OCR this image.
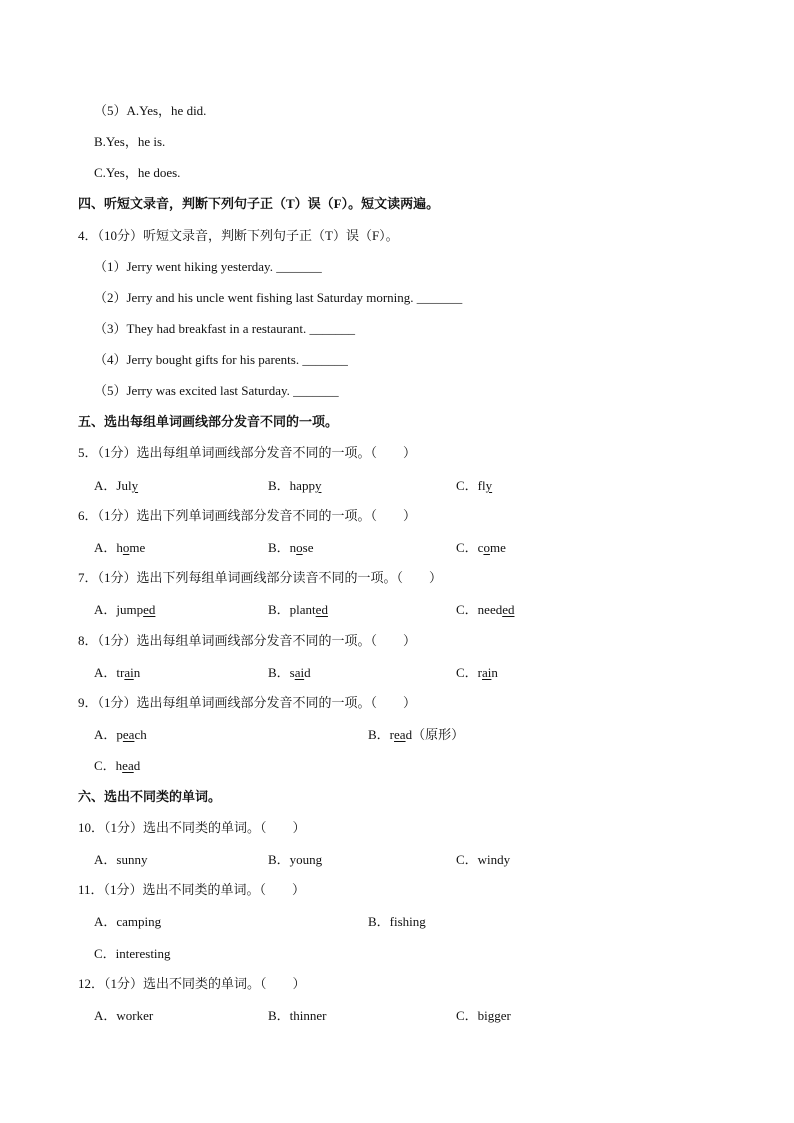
（5）A.Yes，he did.
B.Yes，he is.
C.Yes，he does.
四、听短文录音，判断下列句子正（T）误（F）。短文读两遍。
4．（10分）听短文录音，判断下列句子正（T）误（F）。
（1）Jerry went hiking yesterday. _______
（2）Jerry and his uncle went fishing last Saturday morning. _______
（3）They had breakfast in a restaurant. _______
（4）Jerry bought gifts for his parents. _______
（5）Jerry was excited last Saturday. _______
五、选出每组单词画线部分发音不同的一项。
5．（1分）选出每组单词画线部分发音不同的一项。（　　）
A．July	B．happy	C．fly
6．（1分）选出下列单词画线部分发音不同的一项。（　　）
A．home	B．nose	C．come
7．（1分）选出下列每组单词画线部分读音不同的一项。（　　）
A．jumped	B．planted	C．needed
8．（1分）选出每组单词画线部分发音不同的一项。（　　）
A．train	B．said	C．rain
9．（1分）选出每组单词画线部分发音不同的一项。（　　）
A．peach	B．read（原形）
C．head
六、选出不同类的单词。
10．（1分）选出不同类的单词。（　　）
A．sunny	B．young	C．windy
11．（1分）选出不同类的单词。（　　）
A．camping	B．fishing
C．interesting
12．（1分）选出不同类的单词。（　　）
A．worker	B．thinner	C．bigger
